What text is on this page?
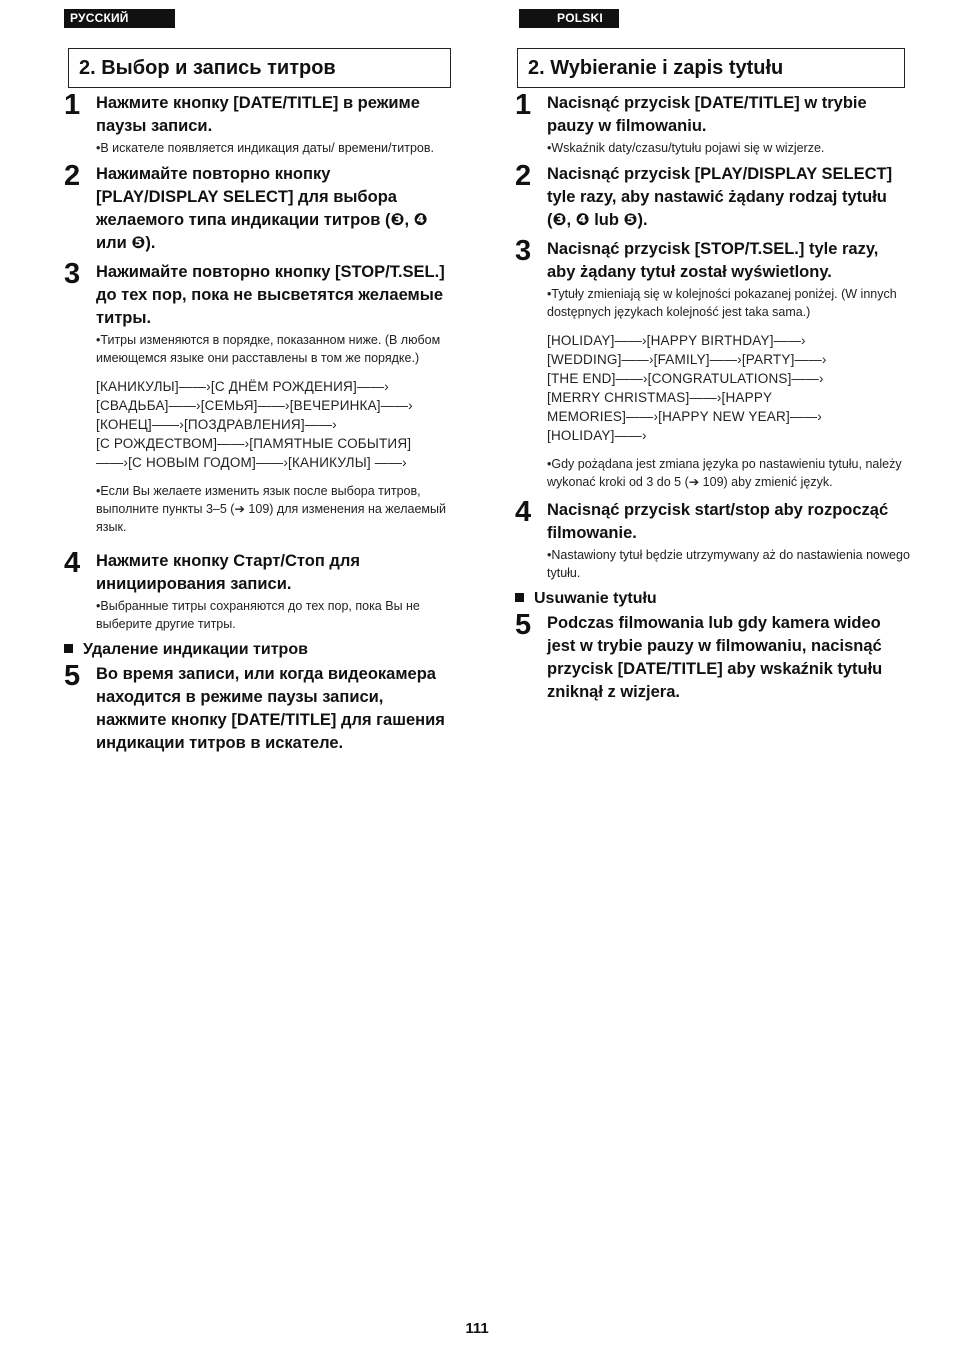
РУССКИЙ ЯЗЫК
2. Выбор и запись титров
1 Нажмите кнопку [DATE/TITLE] в режиме паузы записи.
•В искателе появляется индикация даты/ времени/титров.
2 Нажимайте повторно кнопку [PLAY/DISPLAY SELECT] для выбора желаемого типа индикации титров (❸, ❹ или ❺).
3 Нажимайте повторно кнопку [STOP/T.SEL.] до тех пор, пока не высветятся желаемые титры.
•Титры изменяются в порядке, показанном ниже. (В любом имеющемся языке они расставлены в том же порядке.)
[КАНИКУЛЫ]——›[С ДНЁМ РОЖДЕНИЯ]——›
[СВАДЬБА]——›[СЕМЬЯ]——›[ВЕЧЕРИНКА]——›
[КОНЕЦ]——›[ПОЗДРАВЛЕНИЯ]——›
[С РОЖДЕСТВОМ]——›[ПАМЯТНЫЕ СОБЫТИЯ]
——›[С НОВЫМ ГОДОМ]——›[КАНИКУЛЫ] ——›
•Если Вы желаете изменить язык после выбора титров, выполните пункты 3–5 (➔ 109) для изменения на желаемый язык.
4 Нажмите кнопку Старт/Стоп для инициирования записи.
•Выбранные титры сохраняются до тех пор, пока Вы не выберите другие титры.
Удаление индикации титров
5 Во время записи, или когда видеокамера находится в режиме паузы записи, нажмите кнопку [DATE/TITLE] для гашения индикации титров в искателе.
POLSKI
2. Wybieranie i zapis tytułu
1 Nacisnąć przycisk [DATE/TITLE] w trybie pauzy w filmowaniu.
•Wskaźnik daty/czasu/tytułu pojawi się w wizjerze.
2 Nacisnąć przycisk [PLAY/DISPLAY SELECT] tyle razy, aby nastawić żądany rodzaj tytułu (❸, ❹ lub ❺).
3 Nacisnąć przycisk [STOP/T.SEL.] tyle razy, aby żądany tytuł został wyświetlony.
•Tytuły zmieniają się w kolejności pokazanej poniżej. (W innych dostępnych językach kolejność jest taka sama.)
[HOLIDAY]——›[HAPPY BIRTHDAY]——›
[WEDDING]——›[FAMILY]——›[PARTY]——›
[THE END]——›[CONGRATULATIONS]——›
[MERRY CHRISTMAS]——›[HAPPY
MEMORIES]——›[HAPPY NEW YEAR]——›
[HOLIDAY]——›
•Gdy pożądana jest zmiana języka po nastawieniu tytułu, należy wykonać kroki od 3 do 5 (➔ 109) aby zmienić język.
4 Nacisnąć przycisk start/stop aby rozpocząć filmowanie.
•Nastawiony tytuł będzie utrzymywany aż do nastawienia nowego tytułu.
Usuwanie tytułu
5 Podczas filmowania lub gdy kamera wideo jest w trybie pauzy w filmowaniu, nacisnąć przycisk [DATE/TITLE] aby wskaźnik tytułu zniknął z wizjera.
111
